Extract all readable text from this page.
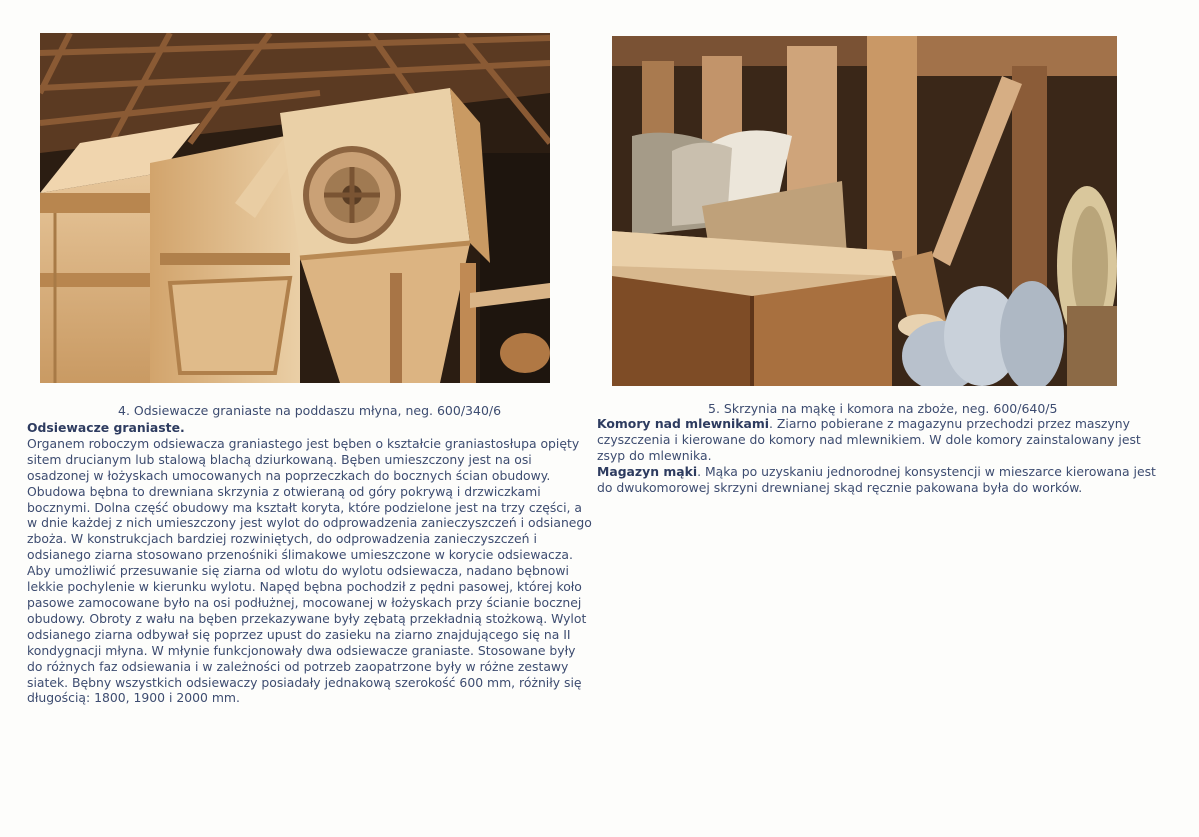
4. Odsiewacze graniaste na poddaszu młyna, neg. 600/340/6	5. Skrzynia na mąkę i komora na zboże, neg. 600/640/5
Odsiewacze graniaste.
Organem roboczym odsiewacza graniastego jest bęben o kształcie graniastosłupa opięty
sitem drucianym lub stalową blachą dziurkowaną. Bęben umieszczony jest na osi
osadzonej w łożyskach umocowanych na poprzeczkach do bocznych ścian obudowy.
Obudowa bębna to drewniana skrzynia z otwieraną od góry pokrywą i drzwiczkami
bocznymi. Dolna część obudowy ma kształt koryta, które podzielone jest na trzy części, a
w dnie każdej z nich umieszczony jest wylot do odprowadzenia zanieczyszczeń i odsianego
zboża. W konstrukcjach bardziej rozwiniętych, do odprowadzenia zanieczyszczeń i
odsianego ziarna stosowano przenośniki ślimakowe umieszczone w korycie odsiewacza.
Aby umożliwić przesuwanie się ziarna od wlotu do wylotu odsiewacza, nadano bębnowi
lekkie pochylenie w kierunku wylotu. Napęd bębna pochodził z pędni pasowej, której koło
pasowe zamocowane było na osi podłużnej, mocowanej w łożyskach przy ścianie bocznej
obudowy. Obroty z wału na bęben przekazywane były zębatą przekładnią stożkową. Wylot
odsianego ziarna odbywał się poprzez upust do zasieku na ziarno znajdującego się na II
kondygnacji młyna. W młynie funkcjonowały dwa odsiewacze graniaste. Stosowane były
do różnych faz odsiewania i w zależności od potrzeb zaopatrzone były w różne zestawy
siatek. Bębny wszystkich odsiewaczy posiadały jednakową szerokość 600 mm, różniły się
długością: 1800, 1900 i 2000 mm.
Komory nad mlewnikami. Ziarno pobierane z magazynu przechodzi przez maszyny
czyszczenia i kierowane do komory nad mlewnikiem. W dole komory zainstalowany jest
zsyp do mlewnika.
Magazyn mąki. Mąka po uzyskaniu jednorodnej konsystencji w mieszarce kierowana jest
do dwukomorowej skrzyni drewnianej skąd ręcznie pakowana była do worków.
